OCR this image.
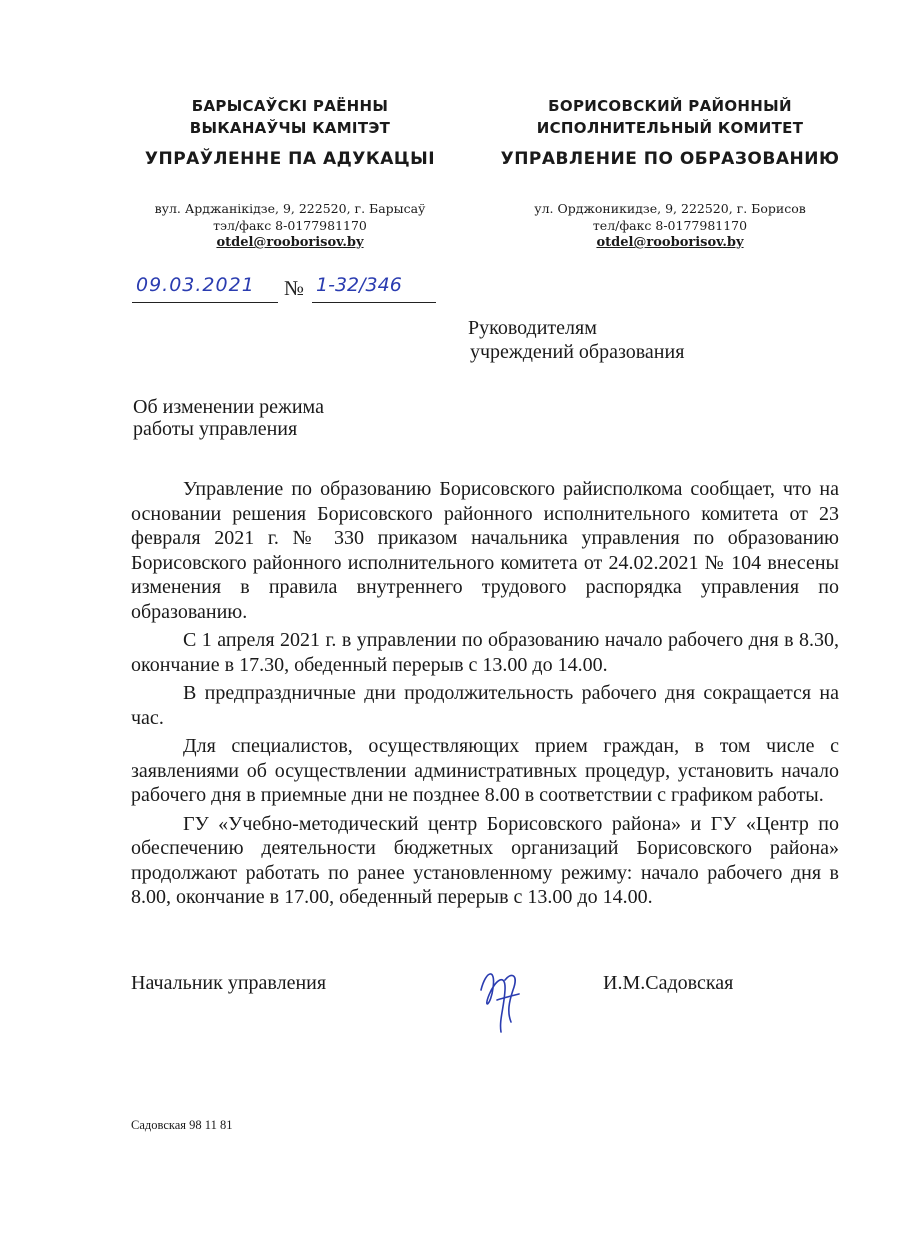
БАРЫСАЎСКІ РАЁННЫ
ВЫКАНАЎЧЫ КАМІТЭТ
УПРАЎЛЕННЕ ПА АДУКАЦЫІ
БОРИСОВСКИЙ РАЙОННЫЙ
ИСПОЛНИТЕЛЬНЫЙ КОМИТЕТ
УПРАВЛЕНИЕ ПО ОБРАЗОВАНИЮ
вул. Арджанікідзе, 9, 222520, г. Барысаў
тэл/факс 8-0177981170
otdel@rooborisov.by
ул. Орджоникидзе, 9, 222520, г. Борисов
тел/факс 8-0177981170
otdel@rooborisov.by
09.03.2021	№ 1-32/346
Руководителям
учреждений образования
Об изменении режима
работы управления

Управление по образованию Борисовского райисполкома сообщает, что на основании решения Борисовского районного исполнительного комитета от 23 февраля 2021 г. № 330 приказом начальника управления по образованию Борисовского районного исполнительного комитета от 24.02.2021 № 104 внесены изменения в правила внутреннего трудового распорядка управления по образованию.

С 1 апреля 2021 г. в управлении по образованию начало рабочего дня в 8.30, окончание в 17.30, обеденный перерыв с 13.00 до 14.00.

В предпраздничные дни продолжительность рабочего дня сокращается на час.

Для специалистов, осуществляющих прием граждан, в том числе с заявлениями об осуществлении административных процедур, установить начало рабочего дня в приемные дни не позднее 8.00 в соответствии с графиком работы.

ГУ «Учебно-методический центр Борисовского района» и ГУ «Центр по обеспечению деятельности бюджетных организаций Борисовского района» продолжают работать по ранее установленному режиму: начало рабочего дня в 8.00, окончание в 17.00, обеденный перерыв с 13.00 до 14.00.

Начальник управления	И.М.Садовская
Садовская 98 11 81
